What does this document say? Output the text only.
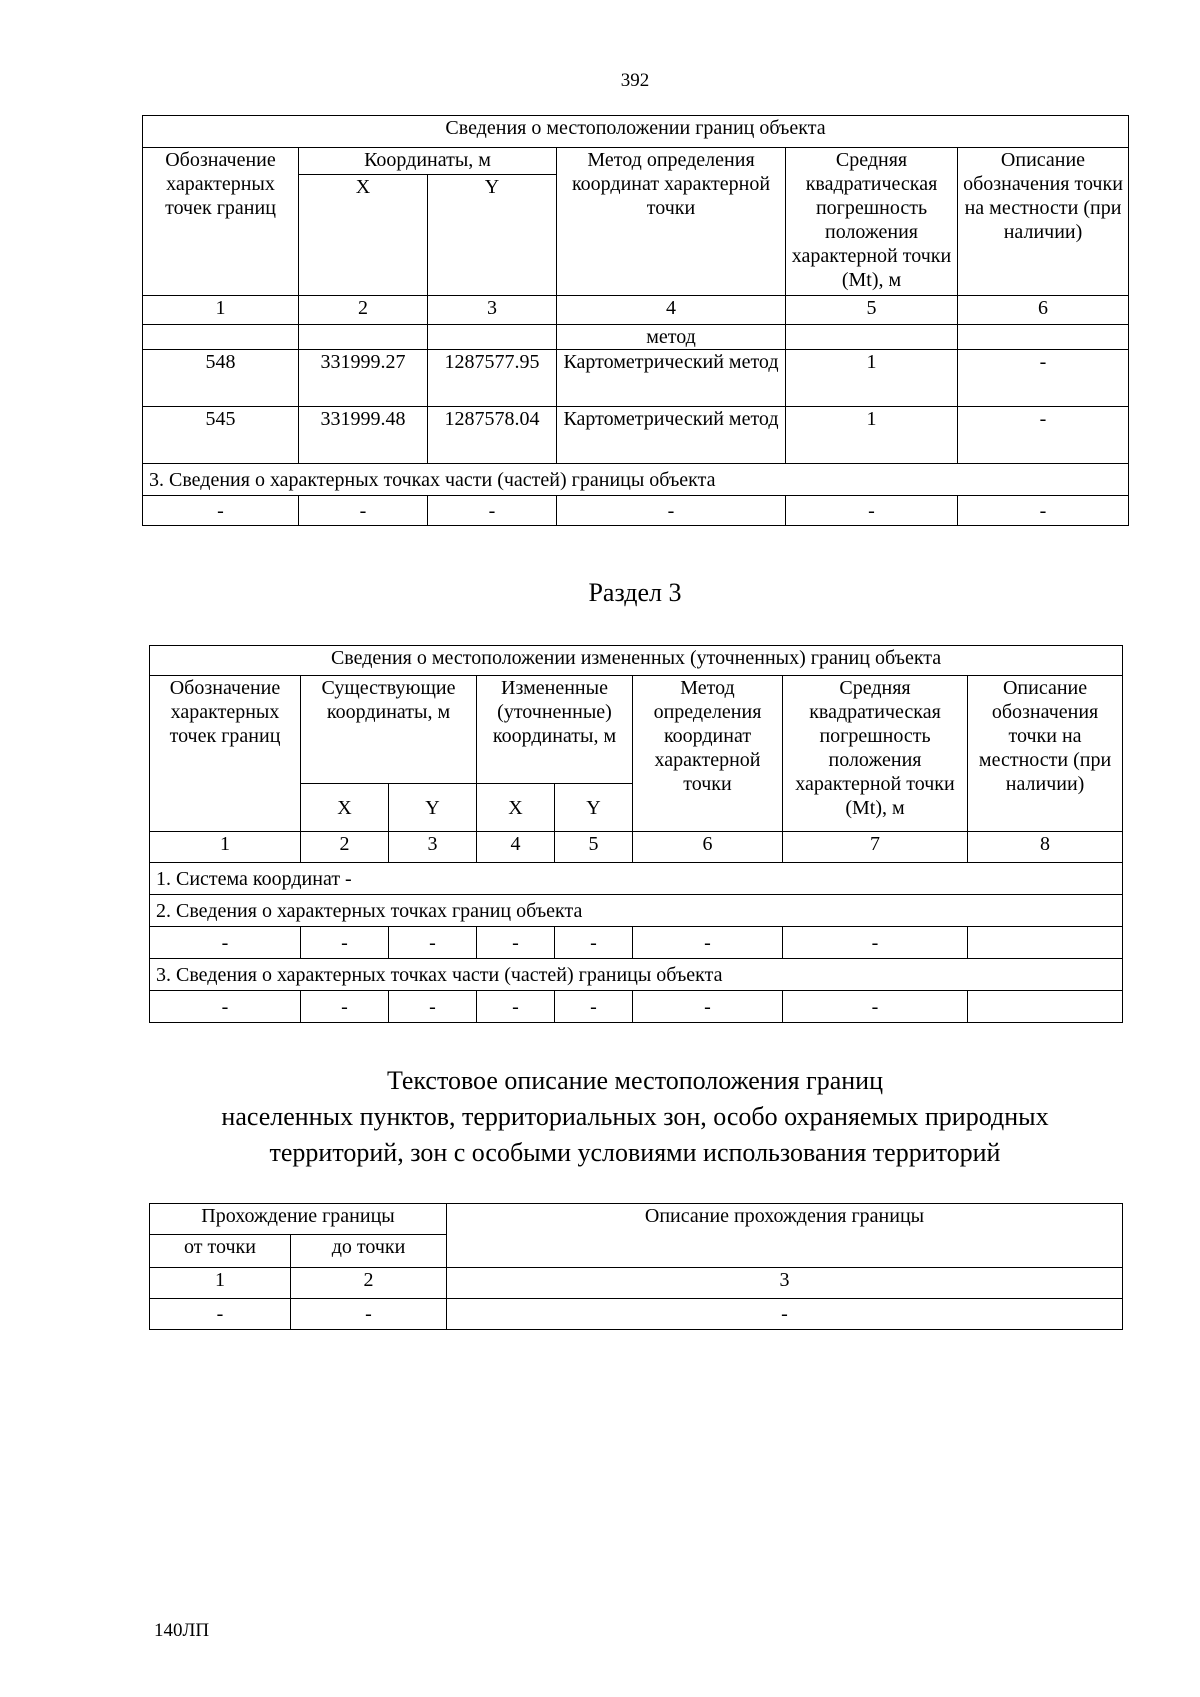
392
Сведения о местоположении границ объекта					
Обозначение характерных точек границ	Координаты, м		Метод определения координат характерной точки	Средняя квадратическая погрешность положения характерной точки (Mt), м	Описание обозначения точки на местности (при наличии)
	X	Y			
1	2	3	4	5	6
			метод		
548	331999.27	1287577.95	Картометрический метод	1	-
545	331999.48	1287578.04	Картометрический метод	1	-
3. Сведения о характерных точках части (частей) границы объекта					
-	-	-	-	-	-
Раздел 3
Сведения о местоположении измененных (уточненных) границ объекта							
Обозначение характерных точек границ	Существующие координаты, м		Измененные (уточненные) координаты, м		Метод определения координат характерной точки	Средняя квадратическая погрешность положения характерной точки (Mt), м	Описание обозначения точки на местности (при наличии)
	X	Y	X	Y			
1	2	3	4	5	6	7	8
1. Система координат -							
2. Сведения о характерных точках границ объекта							
-	-	-	-	-	-	-	
3. Сведения о характерных точках части (частей) границы объекта							
-	-	-	-	-	-	-	
Текстовое описание местоположения границ
населенных пунктов, территориальных зон, особо охраняемых природных
территорий, зон с особыми условиями использования территорий
Прохождение границы		Описание прохождения границы
от точки	до точки	
1	2	3
-	-	-
140ЛП
